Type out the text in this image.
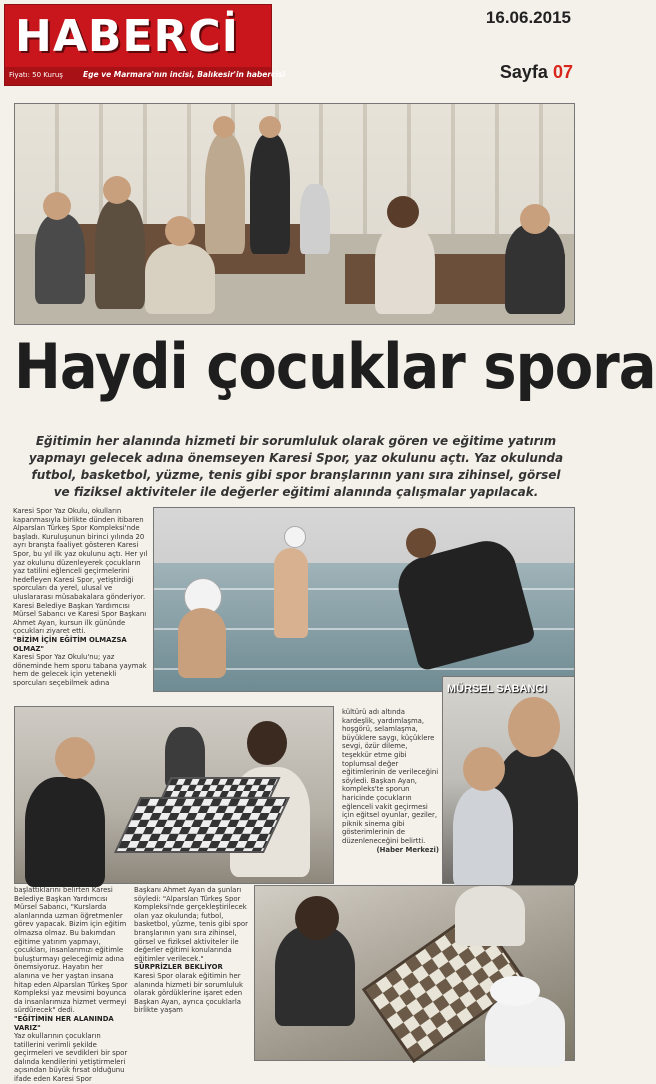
HABERCİ
Fiyatı: 50 Kuruş	Ege ve Marmara'nın incisi, Balıkesir'in habercisi
16.06.2015
Sayfa 07
Haydi çocuklar spora
Eğitimin her alanında hizmeti bir sorumluluk olarak gören ve eğitime yatırım yapmayı gelecek adına önemseyen Karesi Spor, yaz okulunu açtı. Yaz okulunda futbol, basketbol, yüzme, tenis gibi spor branşlarının yanı sıra zihinsel, görsel ve fiziksel aktiviteler ile değerler eğitimi alanında çalışmalar yapılacak.

Karesi Spor Yaz Okulu, okulların kapanmasıyla birlikte dünden itibaren Alparslan Türkeş Spor Kompleksi'nde başladı. Kuruluşunun birinci yılında 20 ayrı branşta faaliyet gösteren Karesi Spor, bu yıl ilk yaz okulunu açtı. Her yıl yaz okulunu düzenleyerek çocukların yaz tatilini eğlenceli geçirmelerini hedefleyen Karesi Spor, yetiştirdiği sporcuları da yerel, ulusal ve uluslararası müsabakalara gönderiyor. Karesi Belediye Başkan Yardımcısı Mürsel Sabancı ve Karesi Spor Başkanı Ahmet Ayan, kursun ilk gününde çocukları ziyaret etti.

"BİZİM İÇİN EĞİTİM OLMAZSA OLMAZ"

Karesi Spor Yaz Okulu'nu; yaz döneminde hem sporu tabana yaymak hem de gelecek için yetenekli sporcuları seçebilmek adına

kültürü adı altında kardeşlik, yardımlaşma, hoşgörü, selamlaşma, büyüklere saygı, küçüklere sevgi, özür dileme, teşekkür etme gibi toplumsal değer eğitimlerinin de verileceğini söyledi. Başkan Ayan, kompleks'te sporun haricinde çocukların eğlenceli vakit geçirmesi için eğitsel oyunlar, geziler, piknik sinema gibi gösterimlerinin de düzenleneceğini belirtti.

(Haber Merkezi)

MÜRSEL SABANCI

başlattıklarını belirten Karesi Belediye Başkan Yardımcısı Mürsel Sabancı, "Kurslarda alanlarında uzman öğretmenler görev yapacak. Bizim için eğitim olmazsa olmaz. Bu bakımdan eğitime yatırım yapmayı, çocukları, insanlarımızı eğitimle buluşturmayı geleceğimiz adına önemsiyoruz. Hayatın her alanına ve her yaştan insana hitap eden Alparslan Türkeş Spor Kompleksi yaz mevsimi boyunca da insanlarımıza hizmet vermeyi sürdürecek" dedi.

"EĞİTİMİN HER ALANINDA VARIZ"

Yaz okullarının çocukların tatillerini verimli şekilde geçirmeleri ve sevdikleri bir spor dalında kendilerini yetiştirmeleri açısından büyük fırsat olduğunu ifade eden Karesi Spor

Başkanı Ahmet Ayan da şunları söyledi: "Alparslan Türkeş Spor Kompleksi'nde gerçekleştirilecek olan yaz okulunda; futbol, basketbol, yüzme, tenis gibi spor branşlarının yanı sıra zihinsel, görsel ve fiziksel aktiviteler ile değerler eğitimi konularında eğitimler verilecek."

SÜRPRİZLER BEKLİYOR

Karesi Spor olarak eğitimin her alanında hizmeti bir sorumluluk olarak gördüklerine işaret eden Başkan Ayan, ayrıca çocuklarla birlikte yaşam
